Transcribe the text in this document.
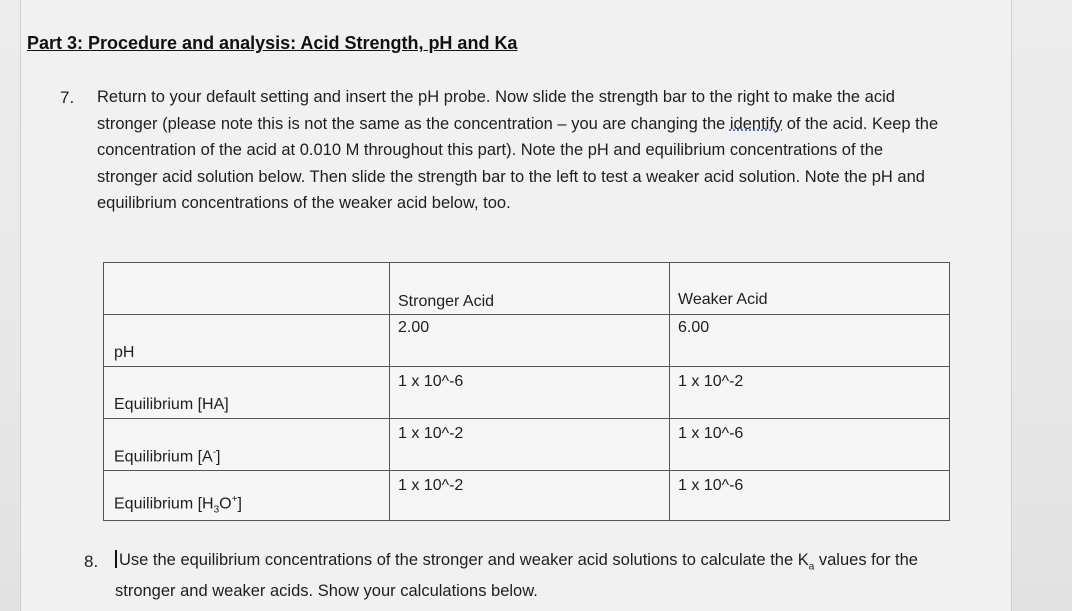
Part 3: Procedure and analysis: Acid Strength, pH and Ka
7. Return to your default setting and insert the pH probe. Now slide the strength bar to the right to make the acid stronger (please note this is not the same as the concentration – you are changing the identify of the acid. Keep the concentration of the acid at 0.010 M throughout this part). Note the pH and equilibrium concentrations of the stronger acid solution below. Then slide the strength bar to the left to test a weaker acid solution. Note the pH and equilibrium concentrations of the weaker acid below, too.

	Stronger Acid	Weaker Acid

pH	2.00	6.00

Equilibrium [HA]	1 x 10^-6	1 x 10^-2

Equilibrium [A-]	1 x 10^-2	1 x 10^-6

Equilibrium $[H_3O^+]$	1 x 10^-2	1 x 10^-6
8. Use the equilibrium concentrations of the stronger and weaker acid solutions to calculate the $K_a$ values for the stronger and weaker acids. Show your calculations below.
